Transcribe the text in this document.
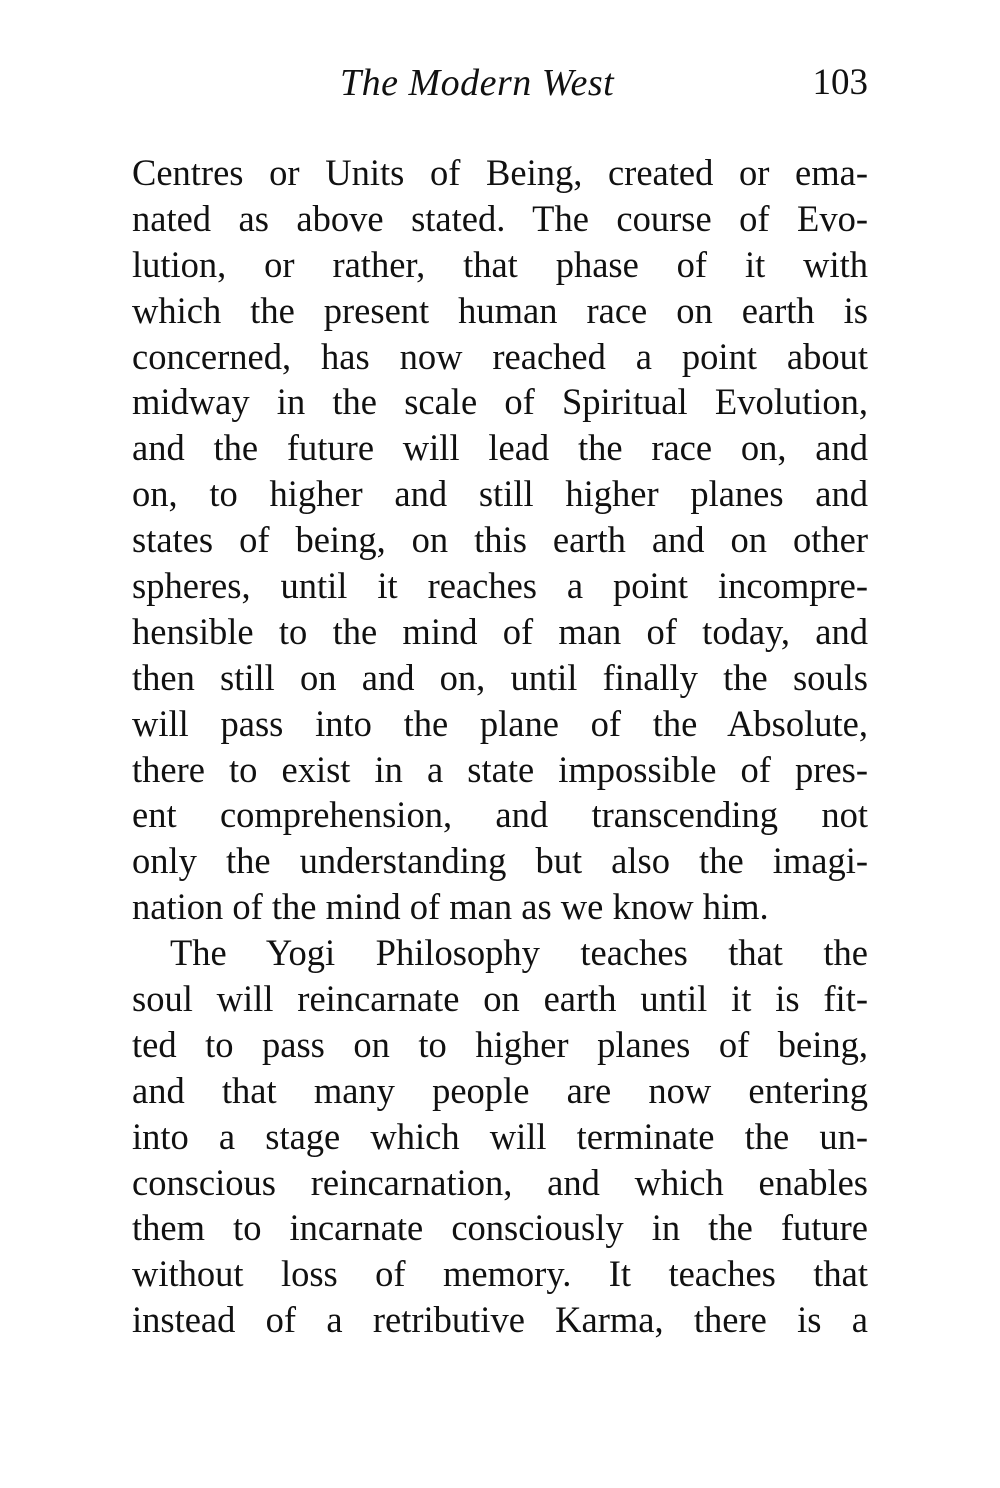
The Modern West	103
Centres or Units of Being, created or ema-
nated as above stated. The course of Evo-
lution, or rather, that phase of it with
which the present human race on earth is
concerned, has now reached a point about
midway in the scale of Spiritual Evolution,
and the future will lead the race on, and
on, to higher and still higher planes and
states of being, on this earth and on other
spheres, until it reaches a point incompre-
hensible to the mind of man of today, and
then still on and on, until finally the souls
will pass into the plane of the Absolute,
there to exist in a state impossible of pres-
ent comprehension, and transcending not
only the understanding but also the imagi-
nation of the mind of man as we know him.
The Yogi Philosophy teaches that the
soul will reincarnate on earth until it is fit-
ted to pass on to higher planes of being,
and that many people are now entering
into a stage which will terminate the un-
conscious reincarnation, and which enables
them to incarnate consciously in the future
without loss of memory. It teaches that
instead of a retributive Karma, there is a
